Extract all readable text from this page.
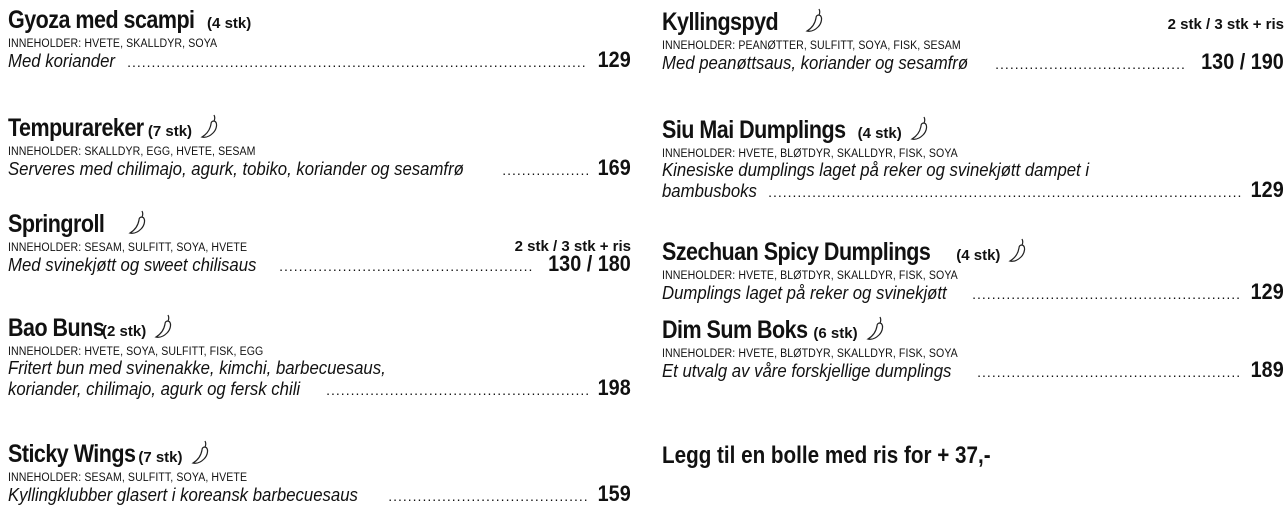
Gyoza med scampi (4 stk)
INNEHOLDER: HVETE, SKALLDYR, SOYA
Med koriander .....	129
Tempurareker (7 stk)
INNEHOLDER: SKALLDYR, EGG, HVETE, SESAM
Serveres med chilimajo, agurk, tobiko, koriander og sesamfrø .....	169
Springroll
2 stk / 3 stk + ris
INNEHOLDER: SESAM, SULFITT, SOYA, HVETE
Med svinekjøtt og sweet chilisaus .....	130 / 180
Bao Buns
(2 stk)
INNEHOLDER: HVETE, SOYA, SULFITT, FISK, EGG
Fritert bun med svinenakke, kimchi, barbecuesaus,
koriander, chilimajo, agurk og fersk chili .....	198
Sticky Wings
(7 stk)
INNEHOLDER: SESAM, SULFITT, SOYA, HVETE
Kyllingklubber glasert i koreansk barbecuesaus .....	159
Kyllingspyd	2 stk / 3 stk + ris
INNEHOLDER: PEANØTTER, SULFITT, SOYA, FISK, SESAM
Med peanøttsaus, koriander og sesamfrø .....	130 / 190
Siu Mai Dumplings (4 stk)
INNEHOLDER: HVETE, BLØTDYR, SKALLDYR, FISK, SOYA
Kinesiske dumplings laget på reker og svinekjøtt dampet i
bambusboks .....	129
Szechuan Spicy Dumplings (4 stk)
INNEHOLDER: HVETE, BLØTDYR, SKALLDYR, FISK, SOYA
Dumplings laget på reker og svinekjøtt .....	129
Dim Sum Boks (6 stk)
INNEHOLDER: HVETE, BLØTDYR, SKALLDYR, FISK, SOYA
Et utvalg av våre forskjellige dumplings .....	189
Legg til en bolle med ris for + 37,-
